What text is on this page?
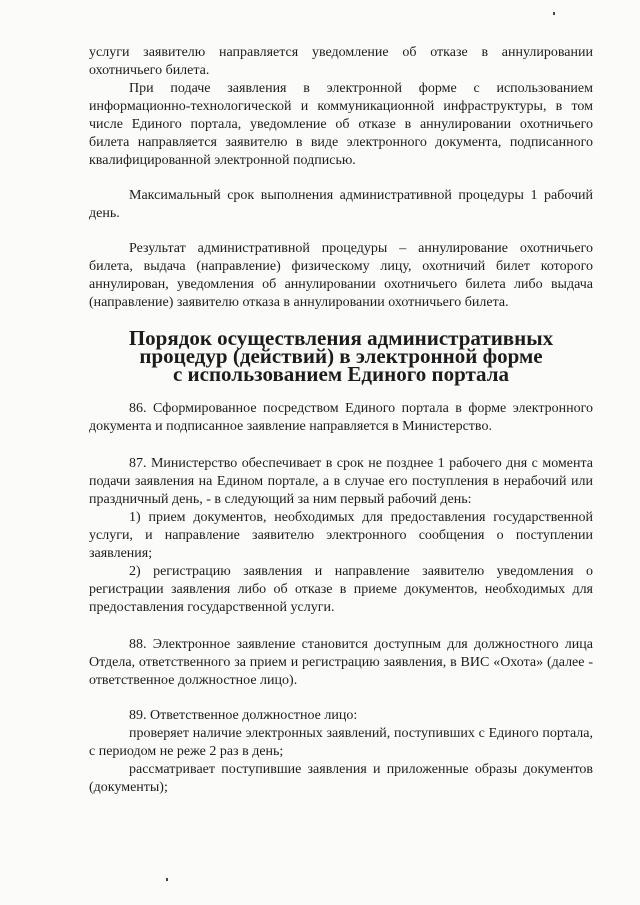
услуги заявителю направляется уведомление об отказе в аннулировании охотничьего билета.

При подаче заявления в электронной форме с использованием информационно-технологической и коммуникационной инфраструктуры, в том числе Единого портала, уведомление об отказе в аннулировании охотничьего билета направляется заявителю в виде электронного документа, подписанного квалифицированной электронной подписью.

Максимальный срок выполнения административной процедуры 1 рабочий день.

Результат административной процедуры – аннулирование охотничьего билета, выдача (направление) физическому лицу, охотничий билет которого аннулирован, уведомления об аннулировании охотничьего билета либо выдача (направление) заявителю отказа в аннулировании охотничьего билета.

Порядок осуществления административных
процедур (действий) в электронной форме
с использованием Единого портала

86. Сформированное посредством Единого портала в форме электронного документа и подписанное заявление направляется в Министерство.

87. Министерство обеспечивает в срок не позднее 1 рабочего дня с момента подачи заявления на Едином портале, а в случае его поступления в нерабочий или праздничный день, - в следующий за ним первый рабочий день:

1) прием документов, необходимых для предоставления государственной услуги, и направление заявителю электронного сообщения о поступлении заявления;

2) регистрацию заявления и направление заявителю уведомления о регистрации заявления либо об отказе в приеме документов, необходимых для предоставления государственной услуги.

88. Электронное заявление становится доступным для должностного лица Отдела, ответственного за прием и регистрацию заявления, в ВИС «Охота» (далее - ответственное должностное лицо).

89. Ответственное должностное лицо:

проверяет наличие электронных заявлений, поступивших с Единого портала, с периодом не реже 2 раз в день;

рассматривает поступившие заявления и приложенные образы документов (документы);
